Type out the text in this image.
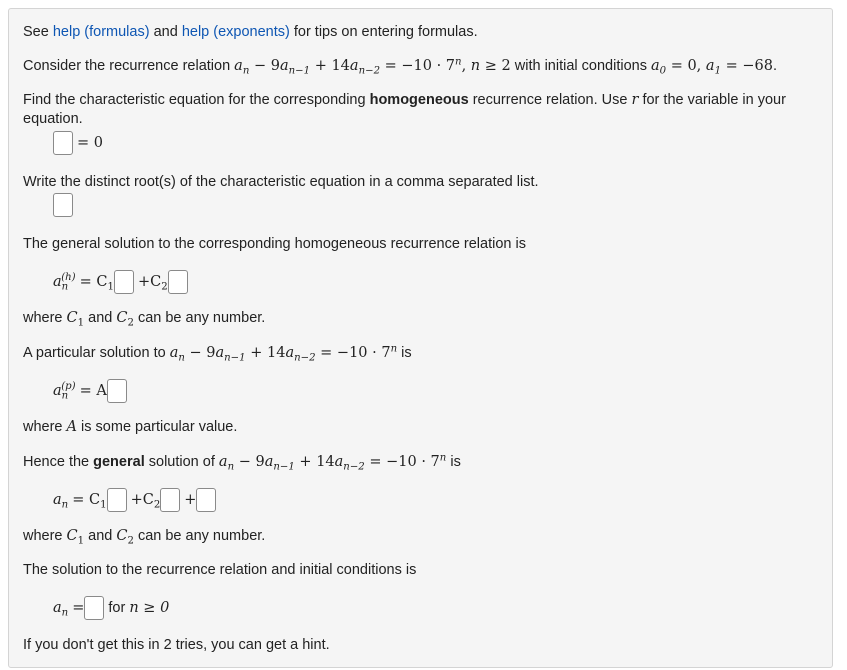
See help (formulas) and help (exponents) for tips on entering formulas.
Consider the recurrence relation $a_n - 9a_{n-1} + 14a_{n-2} = -10 \cdot 7^n$, n ≥ 2 with initial conditions $a_0 = 0$, $a_1 = -68$.
Find the characteristic equation for the corresponding homogeneous recurrence relation. Use r for the variable in your
equation.
= 0
Write the distinct root(s) of the characteristic equation in a comma separated list.
The general solution to the corresponding homogeneous recurrence relation is
$a_n^{(h)} = C_1 +C_2$
where $C_1$ and $C_2$ can be any number.
A particular solution to $a_n - 9a_{n-1} + 14a_{n-2} = -10 \cdot 7^n$ is
$a_n^{(p)} = A$
where A is some particular value.
Hence the general solution of $a_n - 9a_{n-1} + 14a_{n-2} = -10 \cdot 7^n$ is
$a_n = C_1 +C_2$ +
where $C_1$ and $C_2$ can be any number.
The solution to the recurrence relation and initial conditions is
$a_n$ = for n ≥ 0
If you don't get this in 2 tries, you can get a hint.
